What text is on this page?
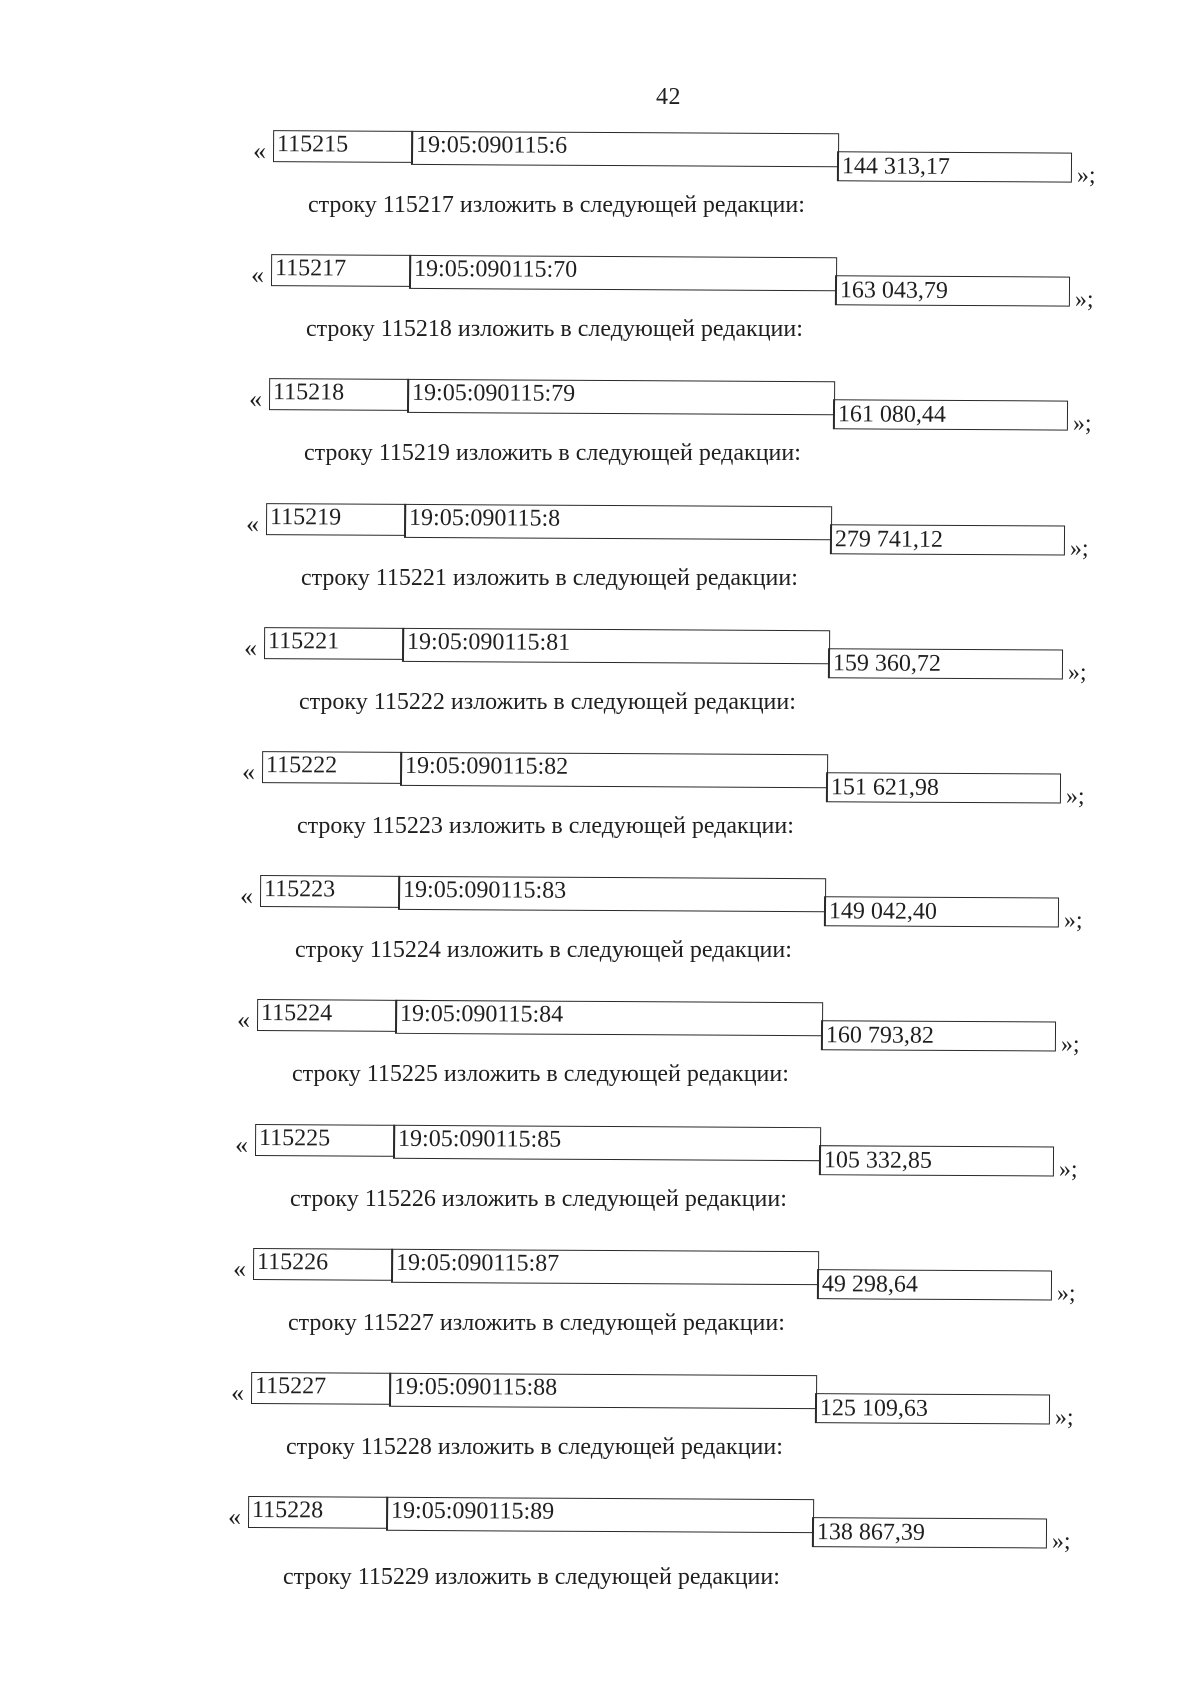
42
« 115215	19:05:090115:6
144 313,17	»;
строку 115217 изложить в следующей редакции:
« 115217	19:05:090115:70
163 043,79	»;
строку 115218 изложить в следующей редакции:
« 115218	19:05:090115:79
161 080,44	»;
строку 115219 изложить в следующей редакции:
« 115219	19:05:090115:8
279 741,12	»;
строку 115221 изложить в следующей редакции:
« 115221	19:05:090115:81
159 360,72	»;
строку 115222 изложить в следующей редакции:
« 115222	19:05:090115:82
151 621,98	»;
строку 115223 изложить в следующей редакции:
« 115223	19:05:090115:83
149 042,40	»;
строку 115224 изложить в следующей редакции:
« 115224	19:05:090115:84
160 793,82	»;
строку 115225 изложить в следующей редакции:
« 115225	19:05:090115:85
105 332,85	»;
строку 115226 изложить в следующей редакции:
« 115226	19:05:090115:87
49 298,64	»;
строку 115227 изложить в следующей редакции:
« 115227	19:05:090115:88
125 109,63	»;
строку 115228 изложить в следующей редакции:
« 115228	19:05:090115:89
138 867,39	»;
строку 115229 изложить в следующей редакции:
